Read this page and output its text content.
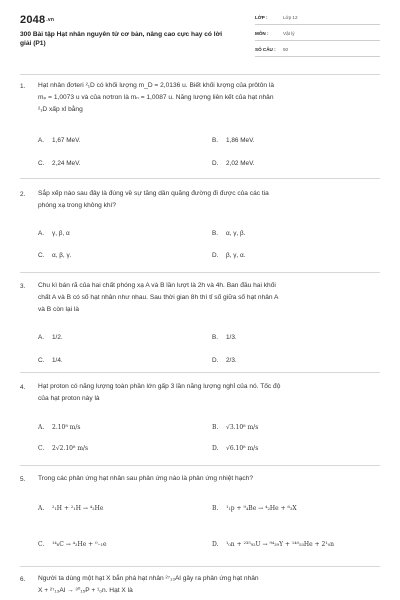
2048.vn
300 Bài tập Hạt nhân nguyên tử cơ bản, nâng cao cực hay có lời giải (P1)
LỚP :	Lớp 12
MÔN :	Vật lý
SỐ CÂU : 50
1. Hạt nhân đơteri ²₁D có khối lượng m_D = 2,0136 u. Biết khối lượng của prôtôn là
mₚ = 1,0073 u và của nơtron là mₙ = 1,0087 u. Năng lượng liên kết của hạt nhân
²₁D xấp xỉ bằng
A. 1,67 MeV.	B. 1,86 MeV.
C. 2,24 MeV.	D. 2,02 MeV.
2. Sắp xếp nào sau đây là đúng về sự tăng dần quãng đường đi được của các tia
phóng xạ trong không khí?
A. γ, β, α	B. α, γ, β.
C. α, β, γ.	D. β, γ, α.
3. Chu kì bán rã của hai chất phóng xạ A và B lần lượt là 2h và 4h. Ban đầu hai khối
chất A và B có số hạt nhân như nhau. Sau thời gian 8h thì tỉ số giữa số hạt nhân A
và B còn lại là
A. 1/2.	B. 1/3.
C. 1/4.	D. 2/3.
4. Hạt proton có năng lượng toàn phần lớn gấp 3 lần năng lượng nghỉ của nó. Tốc độ
của hạt proton này là
A. 2.10⁸ m/s	B. √3.10⁸ m/s
C. 2√2.10⁸ m/s	D. √6.10⁸ m/s
5. Trong các phản ứng hạt nhân sau phản ứng nào là phản ứng nhiệt hạch?
A. ²₁H + ²₁H → ⁴₂He	B. ¹₁p + ⁹₄Be → ⁴₂He + ⁶₃X
C. ¹⁴₆C → ⁴₂He + ⁰₋₁e	D. ¹₀n + ²³⁵₉₂U → ⁹⁴₃₉Y + ¹⁴⁰₅₃He + 2¹₀n
6. Người ta dùng một hạt X bắn phá hạt nhân ²⁷₁₃Al gây ra phản ứng hạt nhân
X + ²⁷₁₃Al → ³⁰₁₅P + ¹₀n. Hạt X là
